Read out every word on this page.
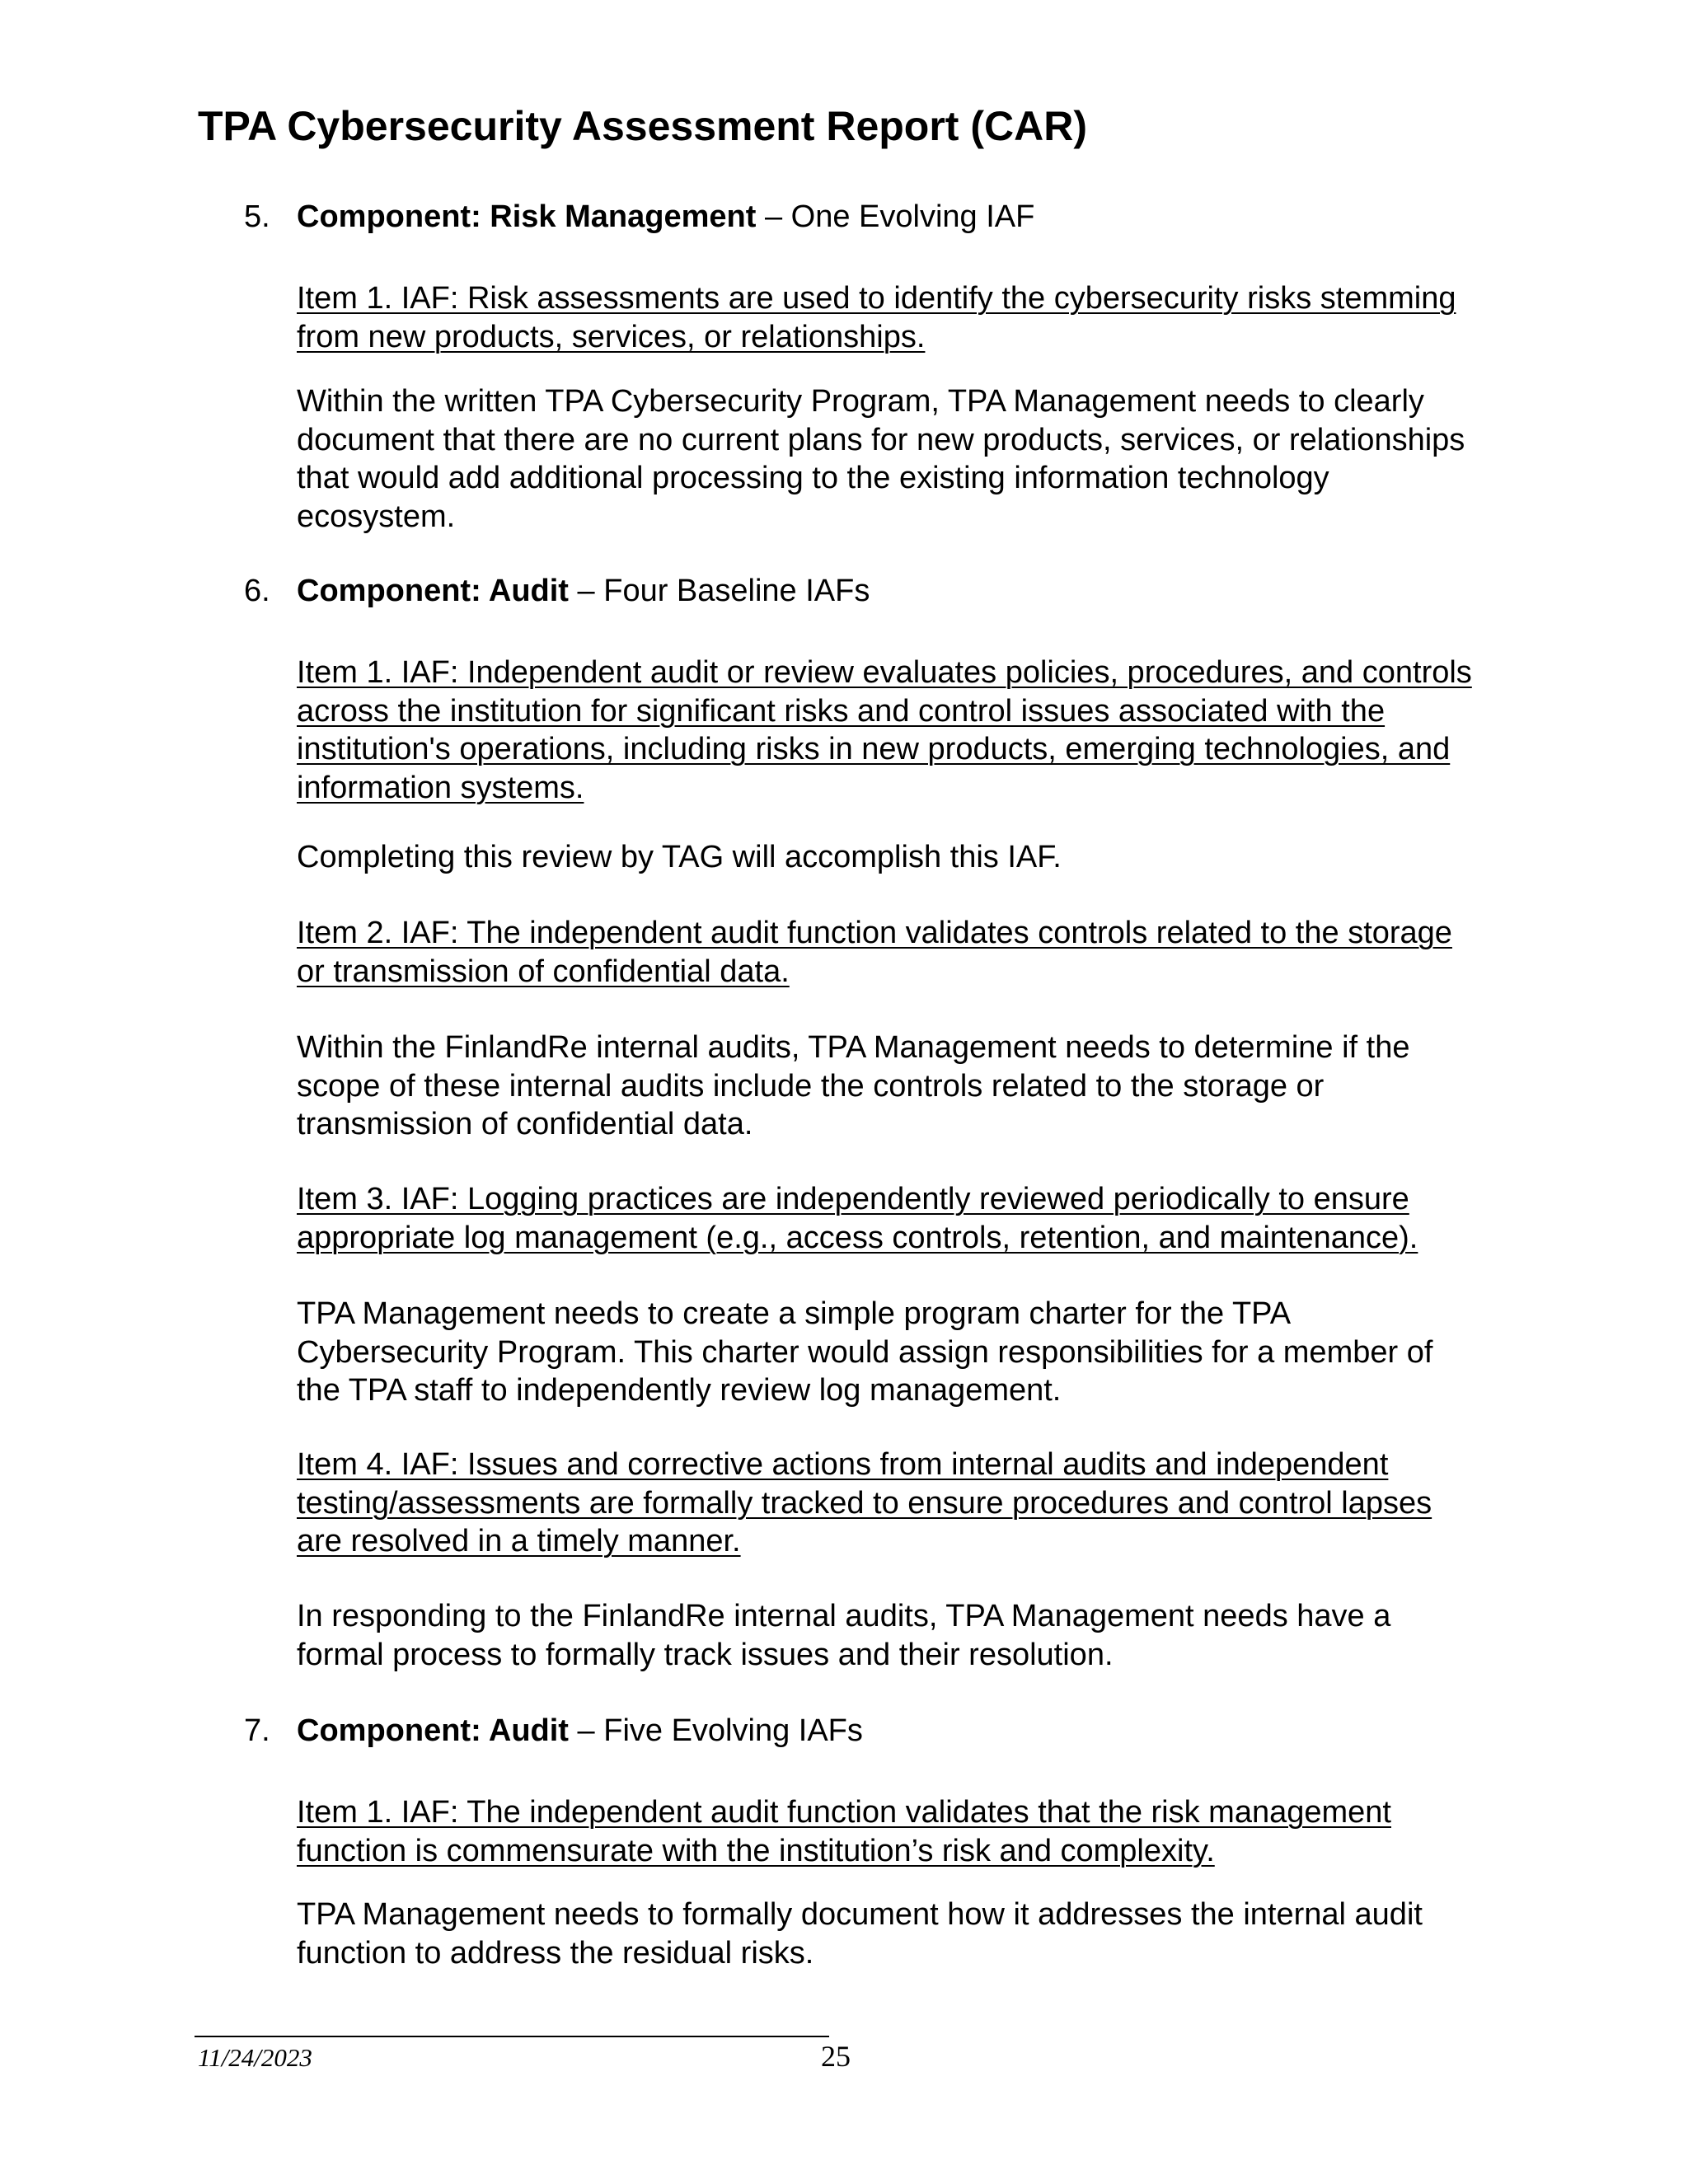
TPA Cybersecurity Assessment Report (CAR)
5. Component: Risk Management – One Evolving IAF

Item 1. IAF: Risk assessments are used to identify the cybersecurity risks stemming from new products, services, or relationships.

Within the written TPA Cybersecurity Program, TPA Management needs to clearly document that there are no current plans for new products, services, or relationships that would add additional processing to the existing information technology ecosystem.

6. Component: Audit – Four Baseline IAFs

Item 1. IAF: Independent audit or review evaluates policies, procedures, and controls across the institution for significant risks and control issues associated with the institution's operations, including risks in new products, emerging technologies, and information systems.

Completing this review by TAG will accomplish this IAF.

Item 2. IAF: The independent audit function validates controls related to the storage or transmission of confidential data.

Within the FinlandRe internal audits, TPA Management needs to determine if the scope of these internal audits include the controls related to the storage or transmission of confidential data.

Item 3. IAF: Logging practices are independently reviewed periodically to ensure appropriate log management (e.g., access controls, retention, and maintenance).

TPA Management needs to create a simple program charter for the TPA Cybersecurity Program. This charter would assign responsibilities for a member of the TPA staff to independently review log management.

Item 4. IAF: Issues and corrective actions from internal audits and independent testing/assessments are formally tracked to ensure procedures and control lapses are resolved in a timely manner.

In responding to the FinlandRe internal audits, TPA Management needs have a formal process to formally track issues and their resolution.

7. Component: Audit – Five Evolving IAFs

Item 1. IAF: The independent audit function validates that the risk management function is commensurate with the institution’s risk and complexity.

TPA Management needs to formally document how it addresses the internal audit function to address the residual risks.

11/24/2023	25
